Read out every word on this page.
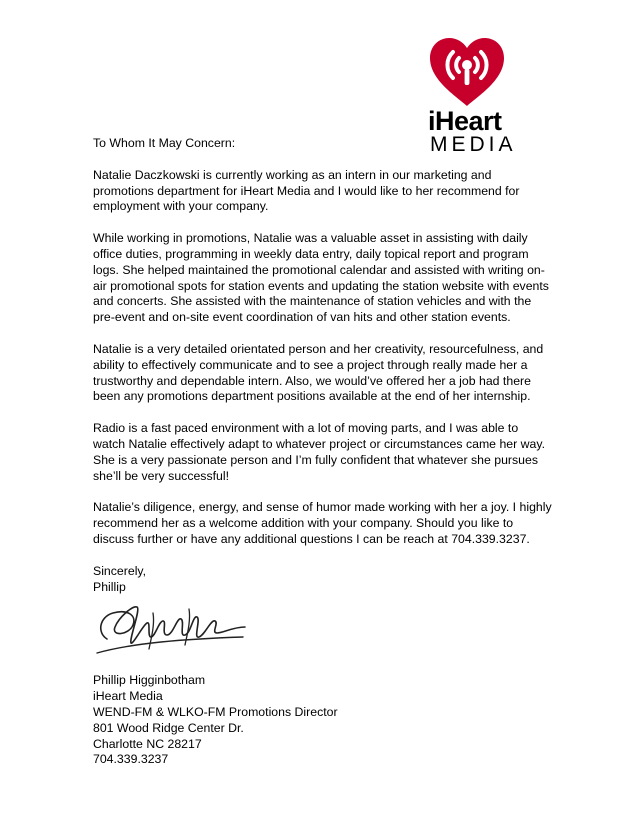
iHeart
MEDIA

To Whom It May Concern:

Natalie Daczkowski is currently working as an intern in our marketing and promotions department for iHeart Media and I would like to her recommend for employment with your company.

While working in promotions, Natalie was a valuable asset in assisting with daily office duties, programming in weekly data entry, daily topical report and program logs. She helped maintained the promotional calendar and assisted with writing on-air promotional spots for station events and updating the station website with events and concerts. She assisted with the maintenance of station vehicles and with the pre-event and on-site event coordination of van hits and other station events.

Natalie is a very detailed orientated person and her creativity, resourcefulness, and ability to effectively communicate and to see a project through really made her a trustworthy and dependable intern. Also, we would’ve offered her a job had there been any promotions department positions available at the end of her internship.

Radio is a fast paced environment with a lot of moving parts, and I was able to watch Natalie effectively adapt to whatever project or circumstances came her way. She is a very passionate person and I’m fully confident that whatever she pursues she’ll be very successful!

Natalie’s diligence, energy, and sense of humor made working with her a joy. I highly recommend her as a welcome addition with your company. Should you like to discuss further or have any additional questions I can be reach at 704.339.3237.

Sincerely,
Phillip

Phillip Higginbotham
iHeart Media
WEND-FM & WLKO-FM Promotions Director
801 Wood Ridge Center Dr.
Charlotte NC 28217
704.339.3237
